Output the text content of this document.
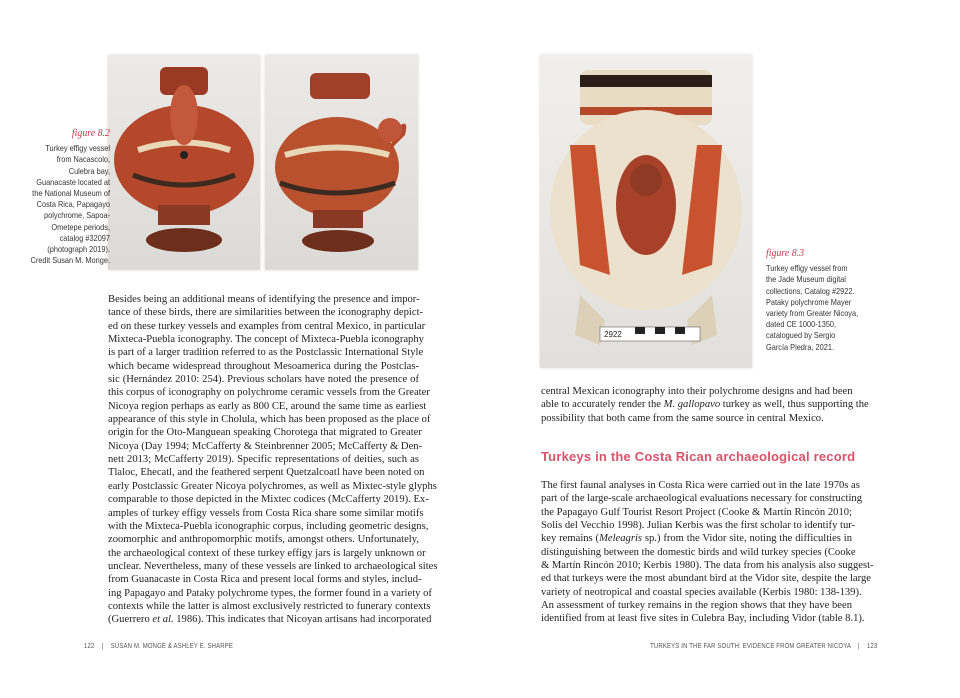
figure 8.2
Turkey effigy vessel
from Nacascolo,
Culebra bay,
Guanacaste located at
the National Museum of
Costa Rica, Papagayo
polychrome, Sapoa-
Ometepe periods,
catalog #32097
(photograph 2019).
Credit Susan M. Monge.
Besides being an additional means of identifying the presence and impor-
tance of these birds, there are similarities between the iconography depict-
ed on these turkey vessels and examples from central Mexico, in particular
Mixteca-Puebla iconography. The concept of Mixteca-Puebla iconography
is part of a larger tradition referred to as the Postclassic International Style
which became widespread throughout Mesoamerica during the Postclas-
sic (Hernández 2010: 254). Previous scholars have noted the presence of
this corpus of iconography on polychrome ceramic vessels from the Greater
Nicoya region perhaps as early as 800 CE, around the same time as earliest
appearance of this style in Cholula, which has been proposed as the place of
origin for the Oto-Manguean speaking Chorotega that migrated to Greater
Nicoya (Day 1994; McCafferty & Steinbrenner 2005; McCafferty & Den-
nett 2013; McCafferty 2019). Specific representations of deities, such as
Tlaloc, Ehecatl, and the feathered serpent Quetzalcoatl have been noted on
early Postclassic Greater Nicoya polychromes, as well as Mixtec-style glyphs
comparable to those depicted in the Mixtec codices (McCafferty 2019). Ex-
amples of turkey effigy vessels from Costa Rica share some similar motifs
with the Mixteca-Puebla iconographic corpus, including geometric designs,
zoomorphic and anthropomorphic motifs, amongst others. Unfortunately,
the archaeological context of these turkey effigy jars is largely unknown or
unclear. Nevertheless, many of these vessels are linked to archaeological sites
from Guanacaste in Costa Rica and present local forms and styles, includ-
ing Papagayo and Pataky polychrome types, the former found in a variety of
contexts while the latter is almost exclusively restricted to funerary contexts
(Guerrero et al. 1986). This indicates that Nicoyan artisans had incorporated
122 | SUSAN M. MONGE & ASHLEY E. SHARPE
2922
figure 8.3
Turkey effigy vessel from
the Jade Museum digital
collections, Catalog #2922.
Pataky polychrome Mayer
variety from Greater Nicoya,
dated CE 1000-1350,
catalogued by Sergio
García Piedra, 2021.
central Mexican iconography into their polychrome designs and had been
able to accurately render the M. gallopavo turkey as well, thus supporting the
possibility that both came from the same source in central Mexico.
Turkeys in the Costa Rican archaeological record
The first faunal analyses in Costa Rica were carried out in the late 1970s as
part of the large-scale archaeological evaluations necessary for constructing
the Papagayo Gulf Tourist Resort Project (Cooke & Martín Rincón 2010;
Solis del Vecchio 1998). Julian Kerbis was the first scholar to identify tur-
key remains (Meleagris sp.) from the Vidor site, noting the difficulties in
distinguishing between the domestic birds and wild turkey species (Cooke
& Martín Rincón 2010; Kerbis 1980). The data from his analysis also suggest-
ed that turkeys were the most abundant bird at the Vidor site, despite the large
variety of neotropical and coastal species available (Kerbis 1980: 138-139).
An assessment of turkey remains in the region shows that they have been
identified from at least five sites in Culebra Bay, including Vidor (table 8.1).
TURKEYS IN THE FAR SOUTH: EVIDENCE FROM GREATER NICOYA | 123
